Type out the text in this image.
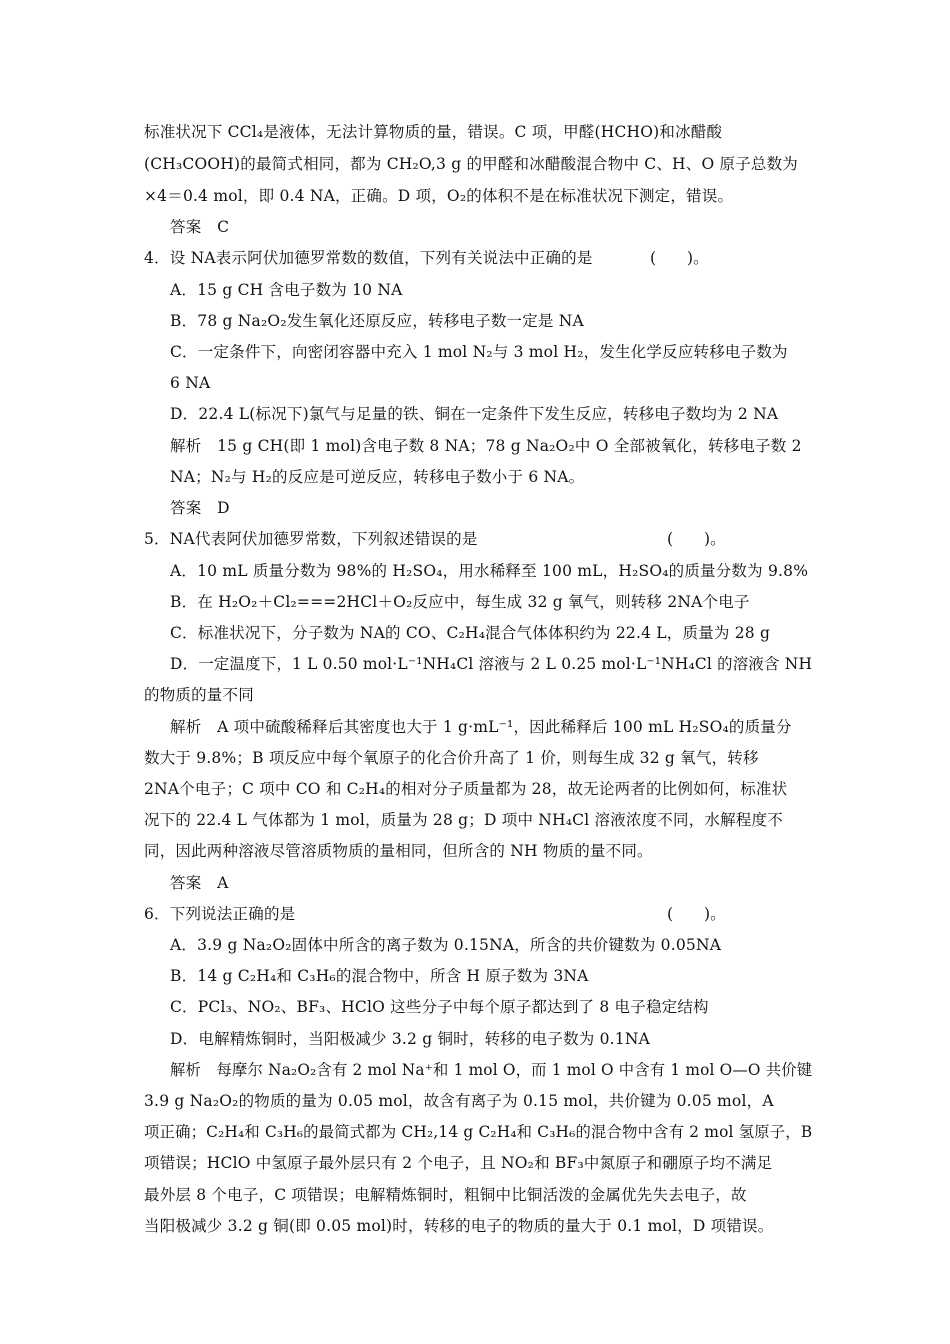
标准状况下 CCl₄是液体，无法计算物质的量，错误。C 项，甲醛(HCHO)和冰醋酸
(CH₃COOH)的最简式相同，都为 CH₂O,3 g 的甲醛和冰醋酸混合物中 C、H、O 原子总数为
×4＝0.4 mol，即 0.4 NA，正确。D 项，O₂的体积不是在标准状况下测定，错误。
答案　C
4．设 NA表示阿伏加德罗常数的数值，下列有关说法中正确的是	(　　)。
A．15 g CH 含电子数为 10 NA
B．78 g Na₂O₂发生氧化还原反应，转移电子数一定是 NA
C．一定条件下，向密闭容器中充入 1 mol N₂与 3 mol H₂，发生化学反应转移电子数为
6 NA
D．22.4 L(标况下)氯气与足量的铁、铜在一定条件下发生反应，转移电子数均为 2 NA
解析　15 g CH(即 1 mol)含电子数 8 NA；78 g Na₂O₂中 O 全部被氧化，转移电子数 2
NA；N₂与 H₂的反应是可逆反应，转移电子数小于 6 NA。
答案　D
5．NA代表阿伏加德罗常数，下列叙述错误的是	(　　)。
A．10 mL 质量分数为 98%的 H₂SO₄，用水稀释至 100 mL，H₂SO₄的质量分数为 9.8%
B．在 H₂O₂＋Cl₂===2HCl＋O₂反应中，每生成 32 g 氧气，则转移 2NA个电子
C．标准状况下，分子数为 NA的 CO、C₂H₄混合气体体积约为 22.4 L，质量为 28 g
D．一定温度下，1 L 0.50 mol·L⁻¹NH₄Cl 溶液与 2 L 0.25 mol·L⁻¹NH₄Cl 的溶液含 NH
的物质的量不同
解析　A 项中硫酸稀释后其密度也大于 1 g·mL⁻¹，因此稀释后 100 mL H₂SO₄的质量分
数大于 9.8%；B 项反应中每个氧原子的化合价升高了 1 价，则每生成 32 g 氧气，转移
2NA个电子；C 项中 CO 和 C₂H₄的相对分子质量都为 28，故无论两者的比例如何，标准状
况下的 22.4 L 气体都为 1 mol，质量为 28 g；D 项中 NH₄Cl 溶液浓度不同，水解程度不
同，因此两种溶液尽管溶质物质的量相同，但所含的 NH 物质的量不同。
答案　A
6．下列说法正确的是	(　　)。
A．3.9 g Na₂O₂固体中所含的离子数为 0.15NA，所含的共价键数为 0.05NA
B．14 g C₂H₄和 C₃H₆的混合物中，所含 H 原子数为 3NA
C．PCl₃、NO₂、BF₃、HClO 这些分子中每个原子都达到了 8 电子稳定结构
D．电解精炼铜时，当阳极减少 3.2 g 铜时，转移的电子数为 0.1NA
解析　每摩尔 Na₂O₂含有 2 mol Na⁺和 1 mol O，而 1 mol O 中含有 1 mol O—O 共价键
3.9 g Na₂O₂的物质的量为 0.05 mol，故含有离子为 0.15 mol，共价键为 0.05 mol，A
项正确；C₂H₄和 C₃H₆的最简式都为 CH₂,14 g C₂H₄和 C₃H₆的混合物中含有 2 mol 氢原子，B
项错误；HClO 中氢原子最外层只有 2 个电子，且 NO₂和 BF₃中氮原子和硼原子均不满足
最外层 8 个电子，C 项错误；电解精炼铜时，粗铜中比铜活泼的金属优先失去电子，故
当阳极减少 3.2 g 铜(即 0.05 mol)时，转移的电子的物质的量大于 0.1 mol，D 项错误。
